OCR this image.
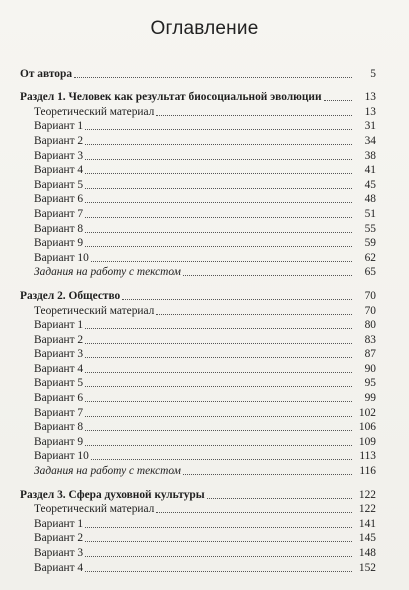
Оглавление
От автора	5
Раздел 1. Человек как результат биосоциальной эволюции	13
Теоретический материал	13
Вариант 1	31
Вариант 2	34
Вариант 3	38
Вариант 4	41
Вариант 5	45
Вариант 6	48
Вариант 7	51
Вариант 8	55
Вариант 9	59
Вариант 10	62
Задания на работу с текстом	65
Раздел 2. Общество	70
Теоретический материал	70
Вариант 1	80
Вариант 2	83
Вариант 3	87
Вариант 4	90
Вариант 5	95
Вариант 6	99
Вариант 7	102
Вариант 8	106
Вариант 9	109
Вариант 10	113
Задания на работу с текстом	116
Раздел 3. Сфера духовной культуры	122
Теоретический материал	122
Вариант 1	141
Вариант 2	145
Вариант 3	148
Вариант 4	152
